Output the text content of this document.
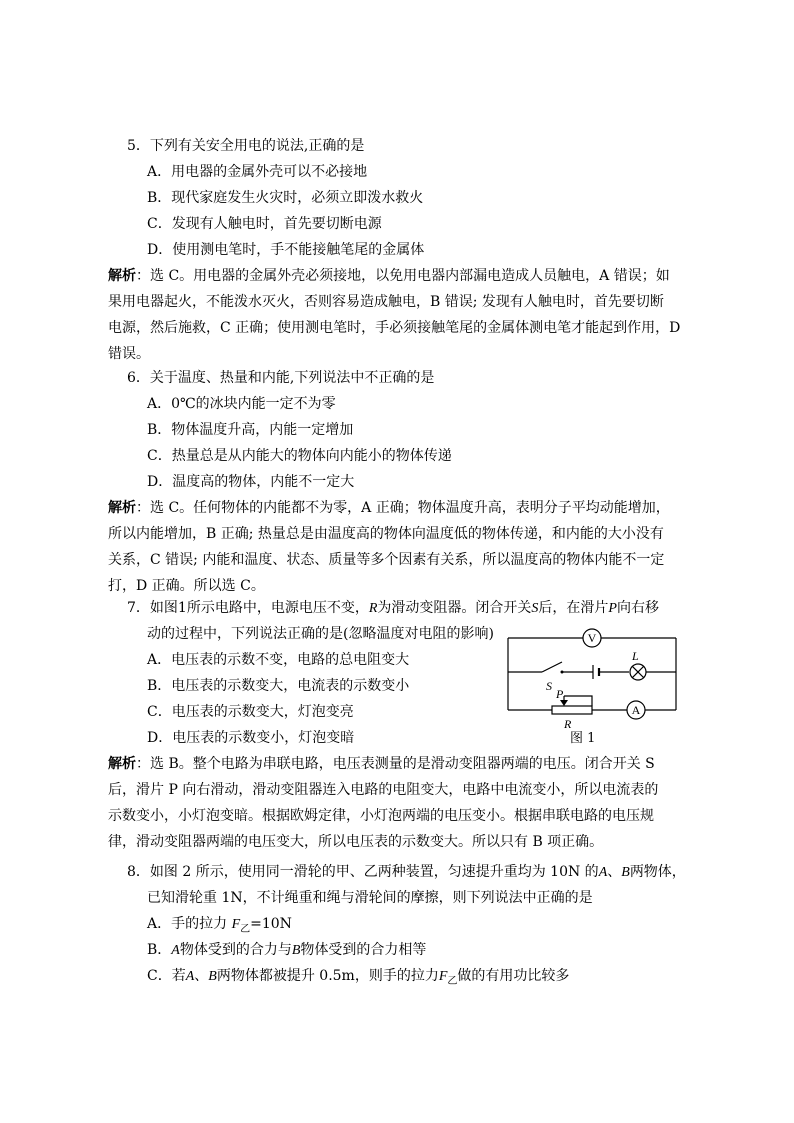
5．下列有关安全用电的说法,正确的是
A．用电器的金属外壳可以不必接地
B．现代家庭发生火灾时，必须立即泼水救火
C．发现有人触电时，首先要切断电源
D．使用测电笔时，手不能接触笔尾的金属体
解析：选 C。用电器的金属外壳必须接地，以免用电器内部漏电造成人员触电，A 错误；如
果用电器起火，不能泼水灭火，否则容易造成触电，B 错误; 发现有人触电时，首先要切断
电源，然后施救，C 正确；使用测电笔时，手必须接触笔尾的金属体测电笔才能起到作用，D
错误。
6．关于温度、热量和内能,下列说法中不正确的是
A．0℃的冰块内能一定不为零
B．物体温度升高，内能一定增加
C．热量总是从内能大的物体向内能小的物体传递
D．温度高的物体，内能不一定大
解析：选 C。任何物体的内能都不为零，A 正确；物体温度升高，表明分子平均动能增加，
所以内能增加，B 正确; 热量总是由温度高的物体向温度低的物体传递，和内能的大小没有
关系，C 错误; 内能和温度、状态、质量等多个因素有关系，所以温度高的物体内能不一定
打，D 正确。所以选 C。
7．如图1所示电路中，电源电压不变，R为滑动变阻器。闭合开关S后，在滑片P向右移
动的过程中，下列说法正确的是(忽略温度对电阻的影响)
A．电压表的示数不变，电路的总电阻变大
B．电压表的示数变大，电流表的示数变小
C．电压表的示数变大，灯泡变亮
D．电压表的示数变小，灯泡变暗
V
A
L
S
P
R
图 1
解析：选 B。整个电路为串联电路，电压表测量的是滑动变阻器两端的电压。闭合开关 S
后，滑片 P 向右滑动，滑动变阻器连入电路的电阻变大，电路中电流变小，所以电流表的
示数变小，小灯泡变暗。根据欧姆定律，小灯泡两端的电压变小。根据串联电路的电压规
律，滑动变阻器两端的电压变大，所以电压表的示数变大。所以只有 B 项正确。
8．如图 2 所示，使用同一滑轮的甲、乙两种装置，匀速提升重均为 10N 的A、B两物体，
已知滑轮重 1N，不计绳重和绳与滑轮间的摩擦，则下列说法中正确的是
A．手的拉力 $F_乙=10N$
B．A物体受到的合力与B物体受到的合力相等
C．若A、B两物体都被提升 0.5m，则手的拉力$F_乙$做的有用功比较多
